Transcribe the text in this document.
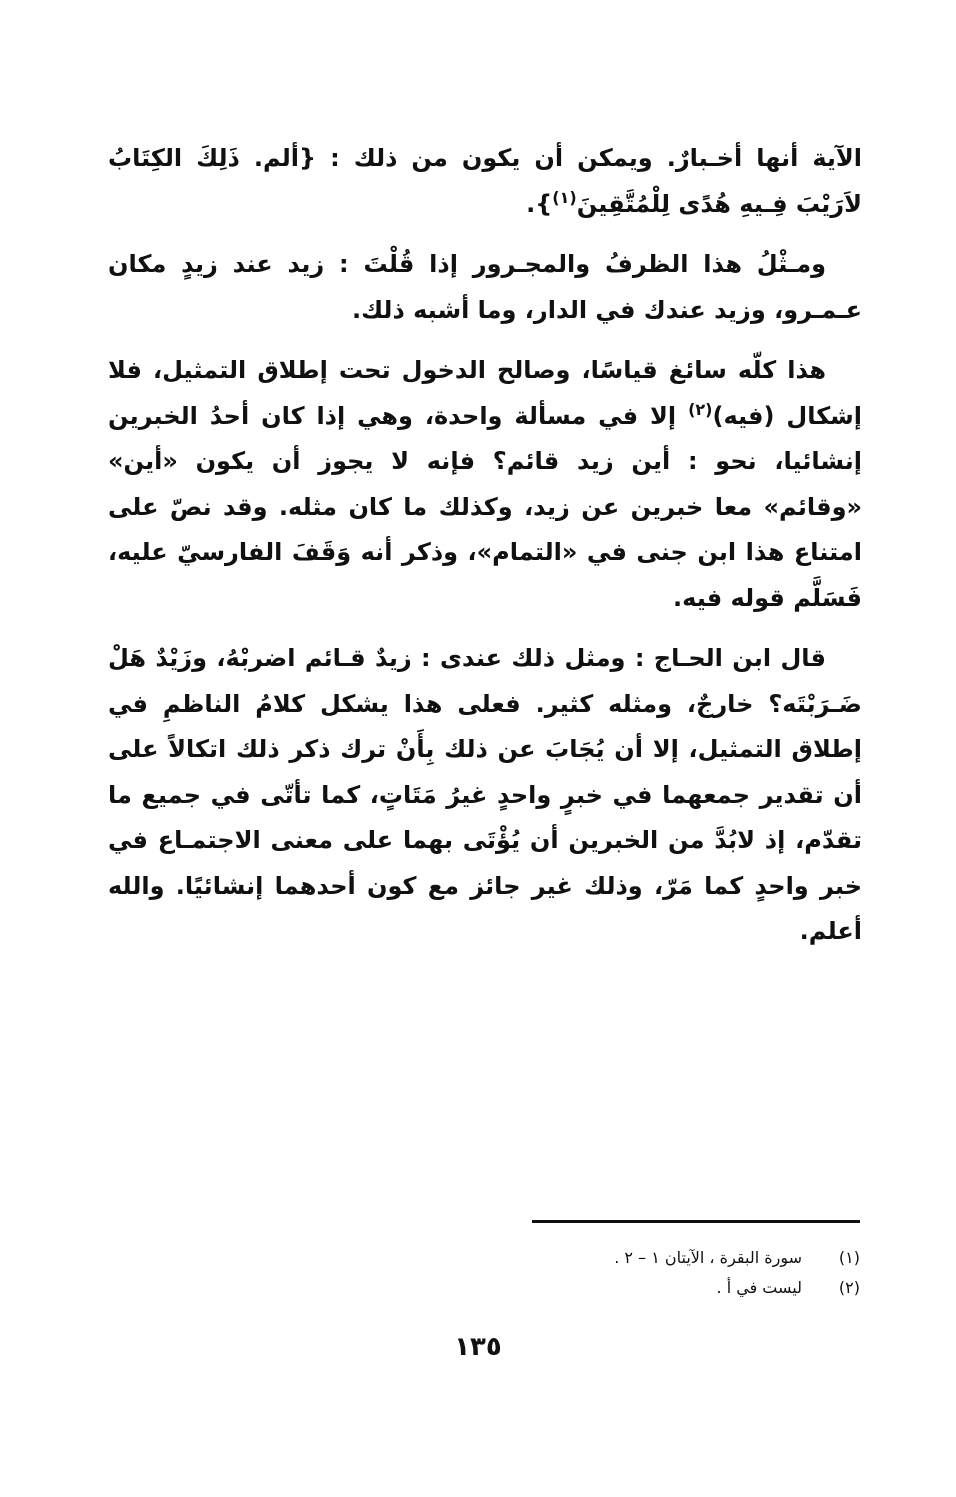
الآية أنها أخـبارٌ. ويمكن أن يكون من ذلك : {ألم. ذَلِكَ الكِتَابُ لاَرَيْبَ فِـيهِ هُدًى لِلْمُتَّقِينَ$^{(١)}$}.

ومـثْلُ هذا الظرفُ والمجـرور إذا قُلْتَ : زيد عند زيدٍ مكان عـمـرو، وزيد عندك في الدار، وما أشبه ذلك.

هذا كلّه سائغ قياسًا، وصالح الدخول تحت إطلاق التمثيل، فلا إشكال (فيه)$^{(٢)}$ إلا في مسألة واحدة، وهي إذا كان أحدُ الخبرين إنشائيا، نحو : أين زيد قائم؟ فإنه لا يجوز أن يكون «أين» «وقائم» معا خبرين عن زيد، وكذلك ما كان مثله. وقد نصّ على امتناع هذا ابن جنى في «التمام»، وذكر أنه وَقَفَ الفارسيّ عليه، فَسَلَّم قوله فيه.

قال ابن الحـاج : ومثل ذلك عندى : زيدٌ قـائم اضربْهُ، وزَيْدٌ هَلْ ضَـرَبْتَه؟ خارجٌ، ومثله كثير. فعلى هذا يشكل كلامُ الناظمِ في إطلاق التمثيل، إلا أن يُجَابَ عن ذلك بِأَنْ ترك ذكر ذلك اتكالاً على أن تقدير جمعهما في خبرٍ واحدٍ غيرُ مَتَاتٍ، كما تأتّى في جميع ما تقدّم، إذ لابُدَّ من الخبرين أن يُؤْتَى بهما على معنى الاجتمـاع في خبر واحدٍ كما مَرّ، وذلك غير جائز مع كون أحدهما إنشائيًا. والله أعلم.

(١)
سورة البقرة ، الآيتان ١ – ٢ .
(٢)
ليست في أ .
١٣٥
